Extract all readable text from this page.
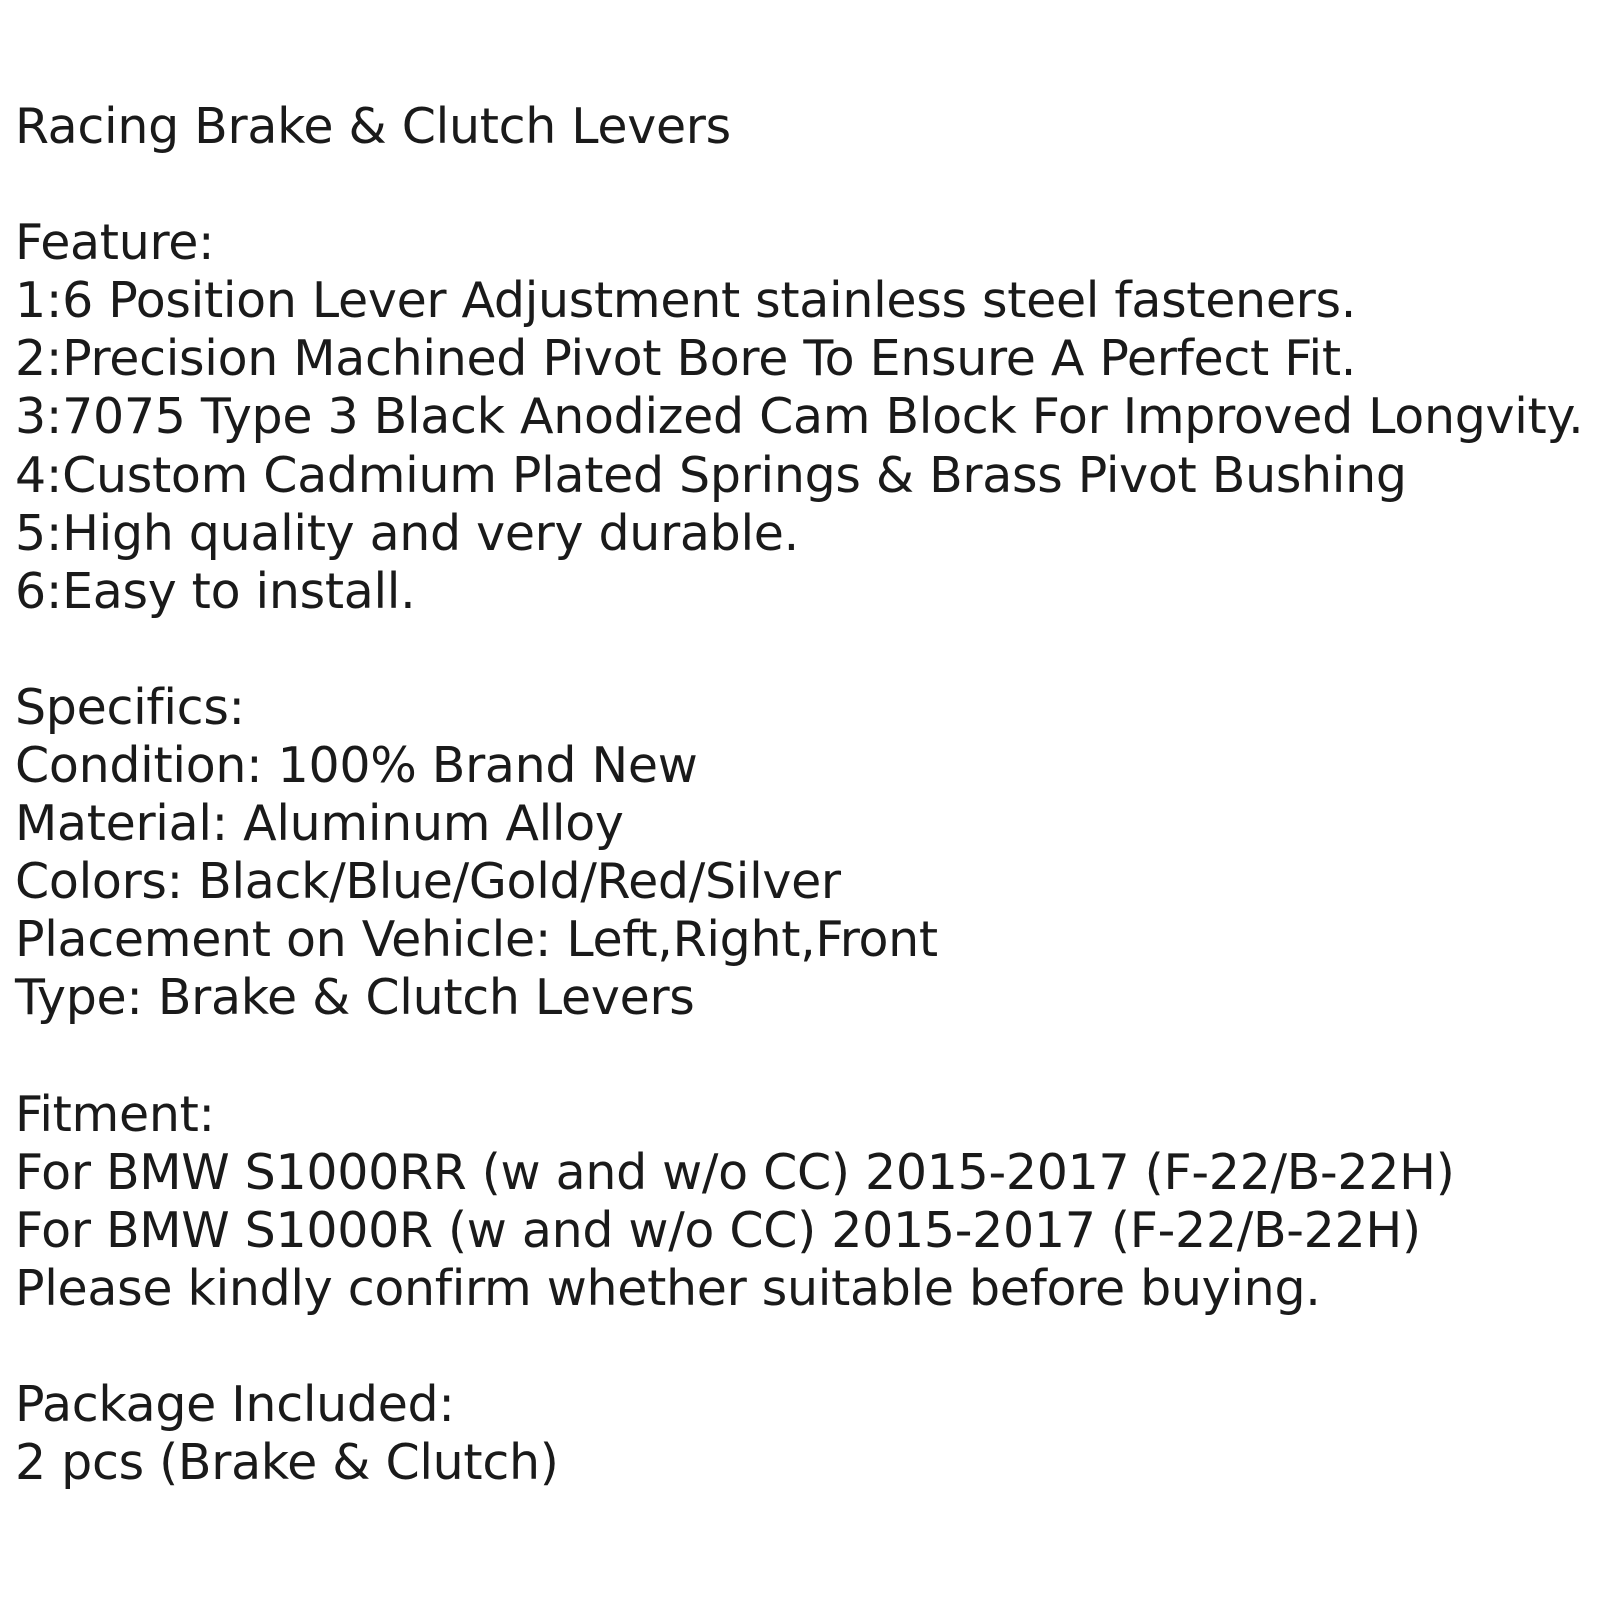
Racing Brake & Clutch Levers
Feature:
1:6 Position Lever Adjustment stainless steel fasteners.
2:Precision Machined Pivot Bore To Ensure A Perfect Fit.
3:7075 Type 3 Black Anodized Cam Block For Improved Longvity.
4:Custom Cadmium Plated Springs & Brass Pivot Bushing
5:High quality and very durable.
6:Easy to install.
Specifics:
Condition: 100% Brand New
Material: Aluminum Alloy
Colors: Black/Blue/Gold/Red/Silver
Placement on Vehicle: Left,Right,Front
Type: Brake & Clutch Levers
Fitment:
For BMW S1000RR (w and w/o CC) 2015-2017 (F-22/B-22H)
For BMW S1000R (w and w/o CC) 2015-2017 (F-22/B-22H)
Please kindly confirm whether suitable before buying.
Package Included:
2 pcs (Brake & Clutch)
